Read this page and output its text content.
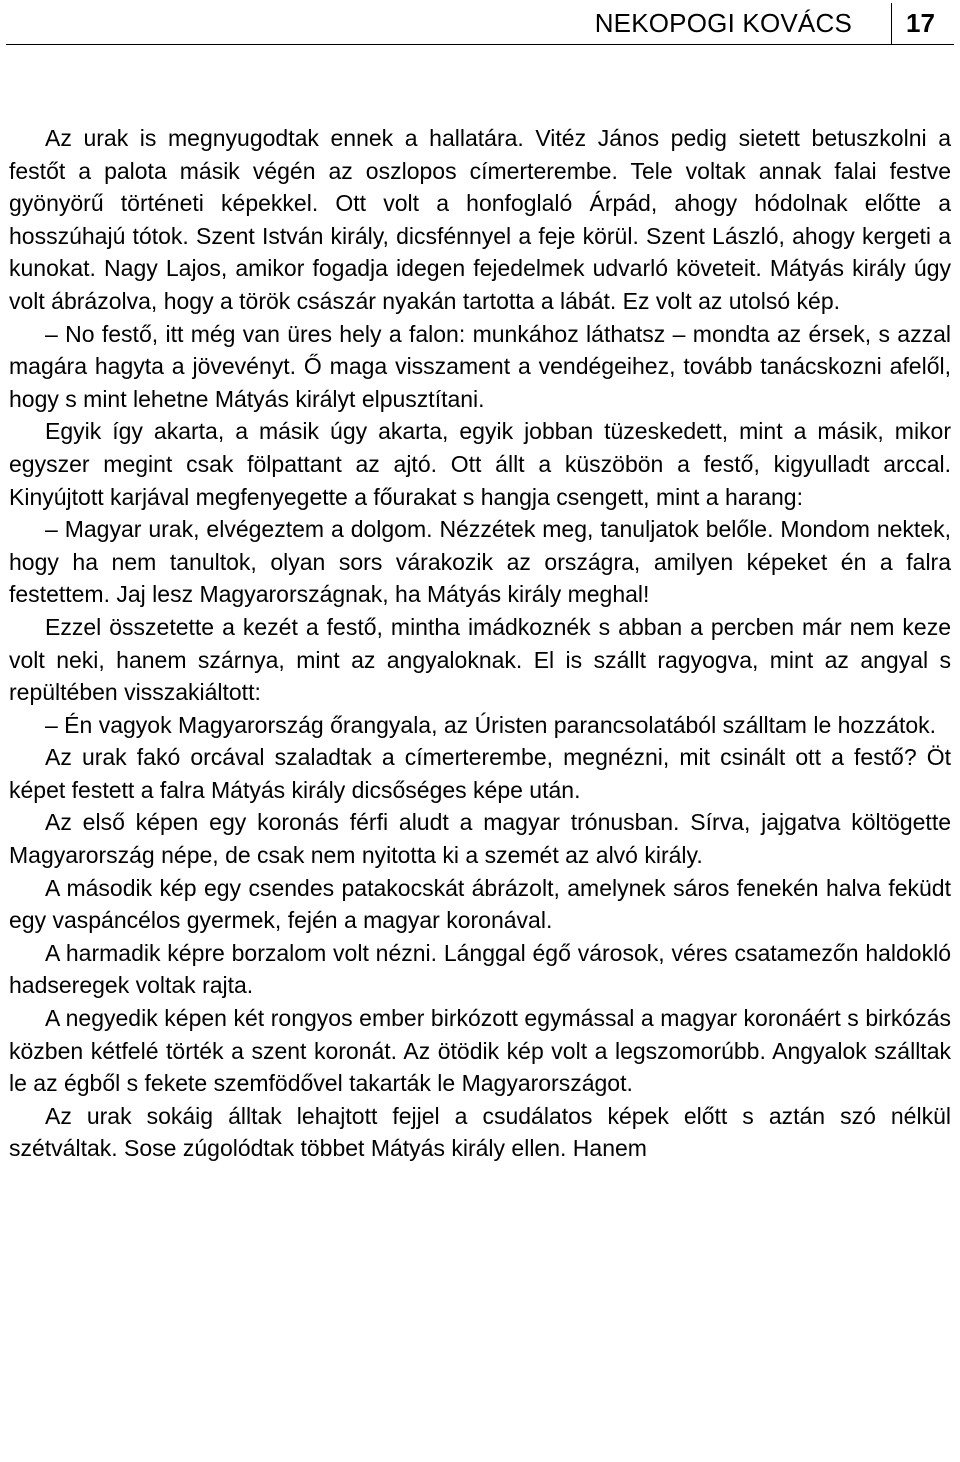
NEKOPOGI KOVÁCS 17

Az urak is megnyugodtak ennek a hallatára. Vitéz János pedig sietett betuszkolni a festőt a palota másik végén az oszlopos címerterembe. Tele voltak annak falai festve gyönyörű történeti képekkel. Ott volt a honfoglaló Árpád, ahogy hódolnak előtte a hosszúhajú tótok. Szent István király, dicsfénnyel a feje körül. Szent László, ahogy kergeti a kunokat. Nagy Lajos, amikor fogadja idegen fejedelmek udvarló követeit. Mátyás király úgy volt ábrázolva, hogy a török császár nyakán tartotta a lábát. Ez volt az utolsó kép.

– No festő, itt még van üres hely a falon: munkához láthatsz – mondta az érsek, s azzal magára hagyta a jövevényt. Ő maga visszament a vendégeihez, tovább tanácskozni afelől, hogy s mint lehetne Mátyás királyt elpusztítani.

Egyik így akarta, a másik úgy akarta, egyik jobban tüzeskedett, mint a másik, mikor egyszer megint csak fölpattant az ajtó. Ott állt a küszöbön a festő, kigyulladt arccal. Kinyújtott karjával megfenyegette a főurakat s hangja csengett, mint a harang:

– Magyar urak, elvégeztem a dolgom. Nézzétek meg, tanuljatok belőle. Mondom nektek, hogy ha nem tanultok, olyan sors várakozik az országra, amilyen képeket én a falra festettem. Jaj lesz Magyarországnak, ha Mátyás király meghal!

Ezzel összetette a kezét a festő, mintha imádkoznék s abban a percben már nem keze volt neki, hanem szárnya, mint az angyaloknak. El is szállt ragyogva, mint az angyal s repültében visszakiáltott:

– Én vagyok Magyarország őrangyala, az Úristen parancsolatából szálltam le hozzátok.

Az urak fakó orcával szaladtak a címerterembe, megnézni, mit csinált ott a festő? Öt képet festett a falra Mátyás király dicsőséges képe után.

Az első képen egy koronás férfi aludt a magyar trónusban. Sírva, jajgatva költögette Magyarország népe, de csak nem nyitotta ki a szemét az alvó király.

A második kép egy csendes patakocskát ábrázolt, amelynek sáros fenekén halva feküdt egy vaspáncélos gyermek, fején a magyar koronával.

A harmadik képre borzalom volt nézni. Lánggal égő városok, véres csatamezőn haldokló hadseregek voltak rajta.

A negyedik képen két rongyos ember birkózott egymással a magyar koronáért s birkózás közben kétfelé törték a szent koronát. Az ötödik kép volt a legszomorúbb. Angyalok szálltak le az égből s fekete szemfödővel takarták le Magyarországot.

Az urak sokáig álltak lehajtott fejjel a csudálatos képek előtt s aztán szó nélkül szétváltak. Sose zúgolódtak többet Mátyás király ellen. Hanem
